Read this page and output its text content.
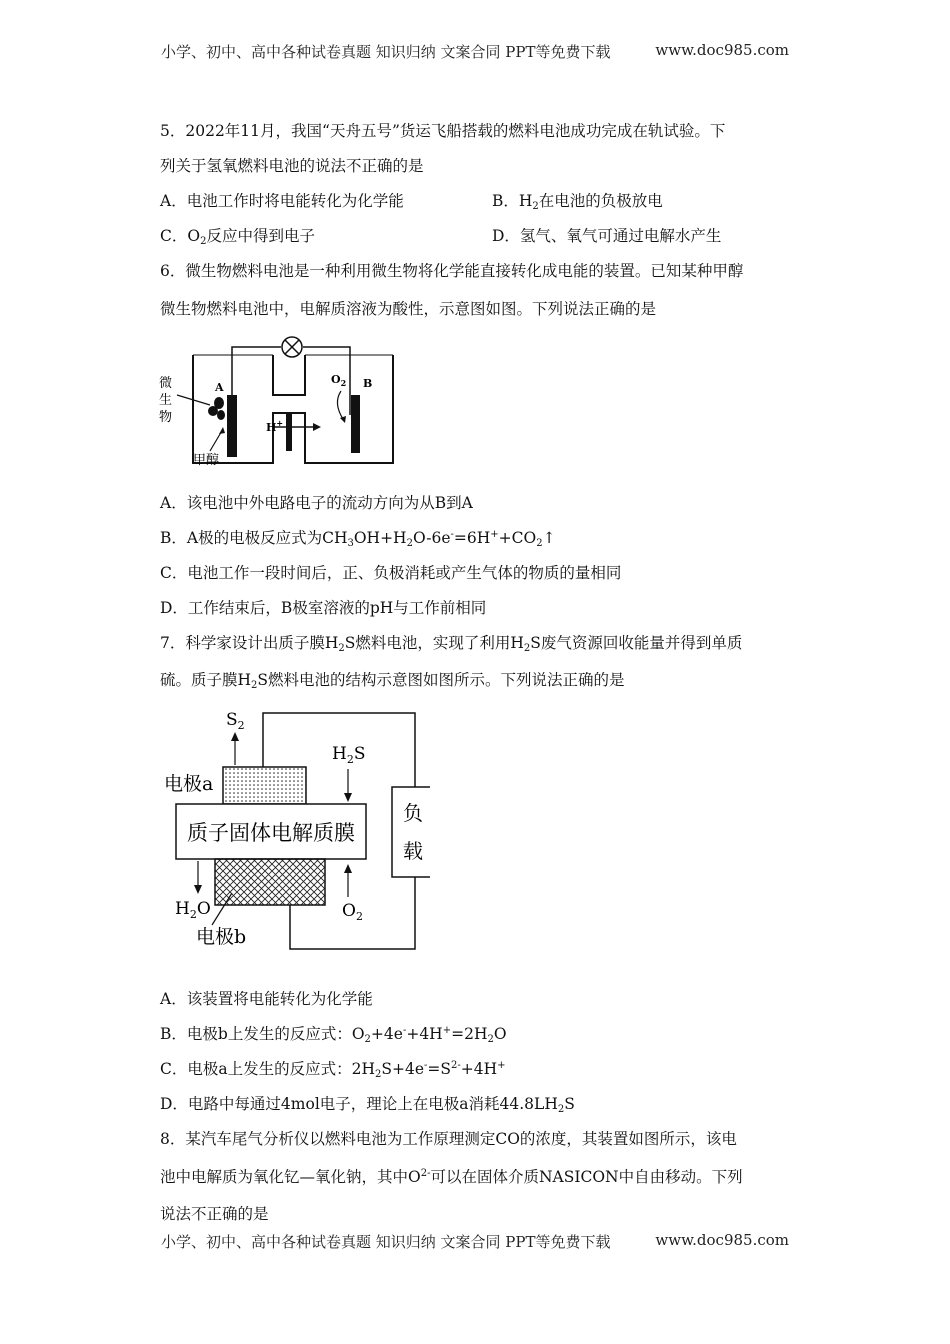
小学、初中、高中各种试卷真题 知识归纳 文案合同 PPT等免费下载	www.doc985.com
5．2022年11月，我国“天舟五号”货运飞船搭载的燃料电池成功完成在轨试验。下
列关于氢氧燃料电池的说法不正确的是
A．电池工作时将电能转化为化学能	B．$H_2$在电池的负极放电
C．$O_2$反应中得到电子	D．氢气、氧气可通过电解水产生
6．微生物燃料电池是一种利用微生物将化学能直接转化成电能的装置。已知某种甲醇
微生物燃料电池中，电解质溶液为酸性，示意图如图。下列说法正确的是
微
生
物
A	B
$O_2$
H+
甲醇
A．该电池中外电路电子的流动方向为从B到A
B．A极的电极反应式为$CH_3OH+H_2O-6e^-=6H^++CO_2↑$
C．电池工作一段时间后，正、负极消耗或产生气体的物质的量相同
D．工作结束后，B极室溶液的pH与工作前相同
7．科学家设计出质子膜$H_2S$燃料电池，实现了利用$H_2S$废气资源回收能量并得到单质
硫。质子膜$H_2S$燃料电池的结构示意图如图所示。下列说法正确的是
$S_2$
$H_2S$
电极a
质子固体电解质膜
负
载
$H_2O$	$O_2$
电极b
A．该装置将电能转化为化学能
B．电极b上发生的反应式：$O_2+4e^-+4H^+=2H_2O$
C．电极a上发生的反应式：$2H_2S+4e^-=S^{2-}+4H^+$
D．电路中每通过4mol电子，理论上在电极a消耗$44.8LH_2S$
8．某汽车尾气分析仪以燃料电池为工作原理测定CO的浓度，其装置如图所示，该电
池中电解质为氧化钇—氧化钠，其中$O^{2-}$可以在固体介质NASICON中自由移动。下列
说法不正确的是
小学、初中、高中各种试卷真题 知识归纳 文案合同 PPT等免费下载	www.doc985.com
